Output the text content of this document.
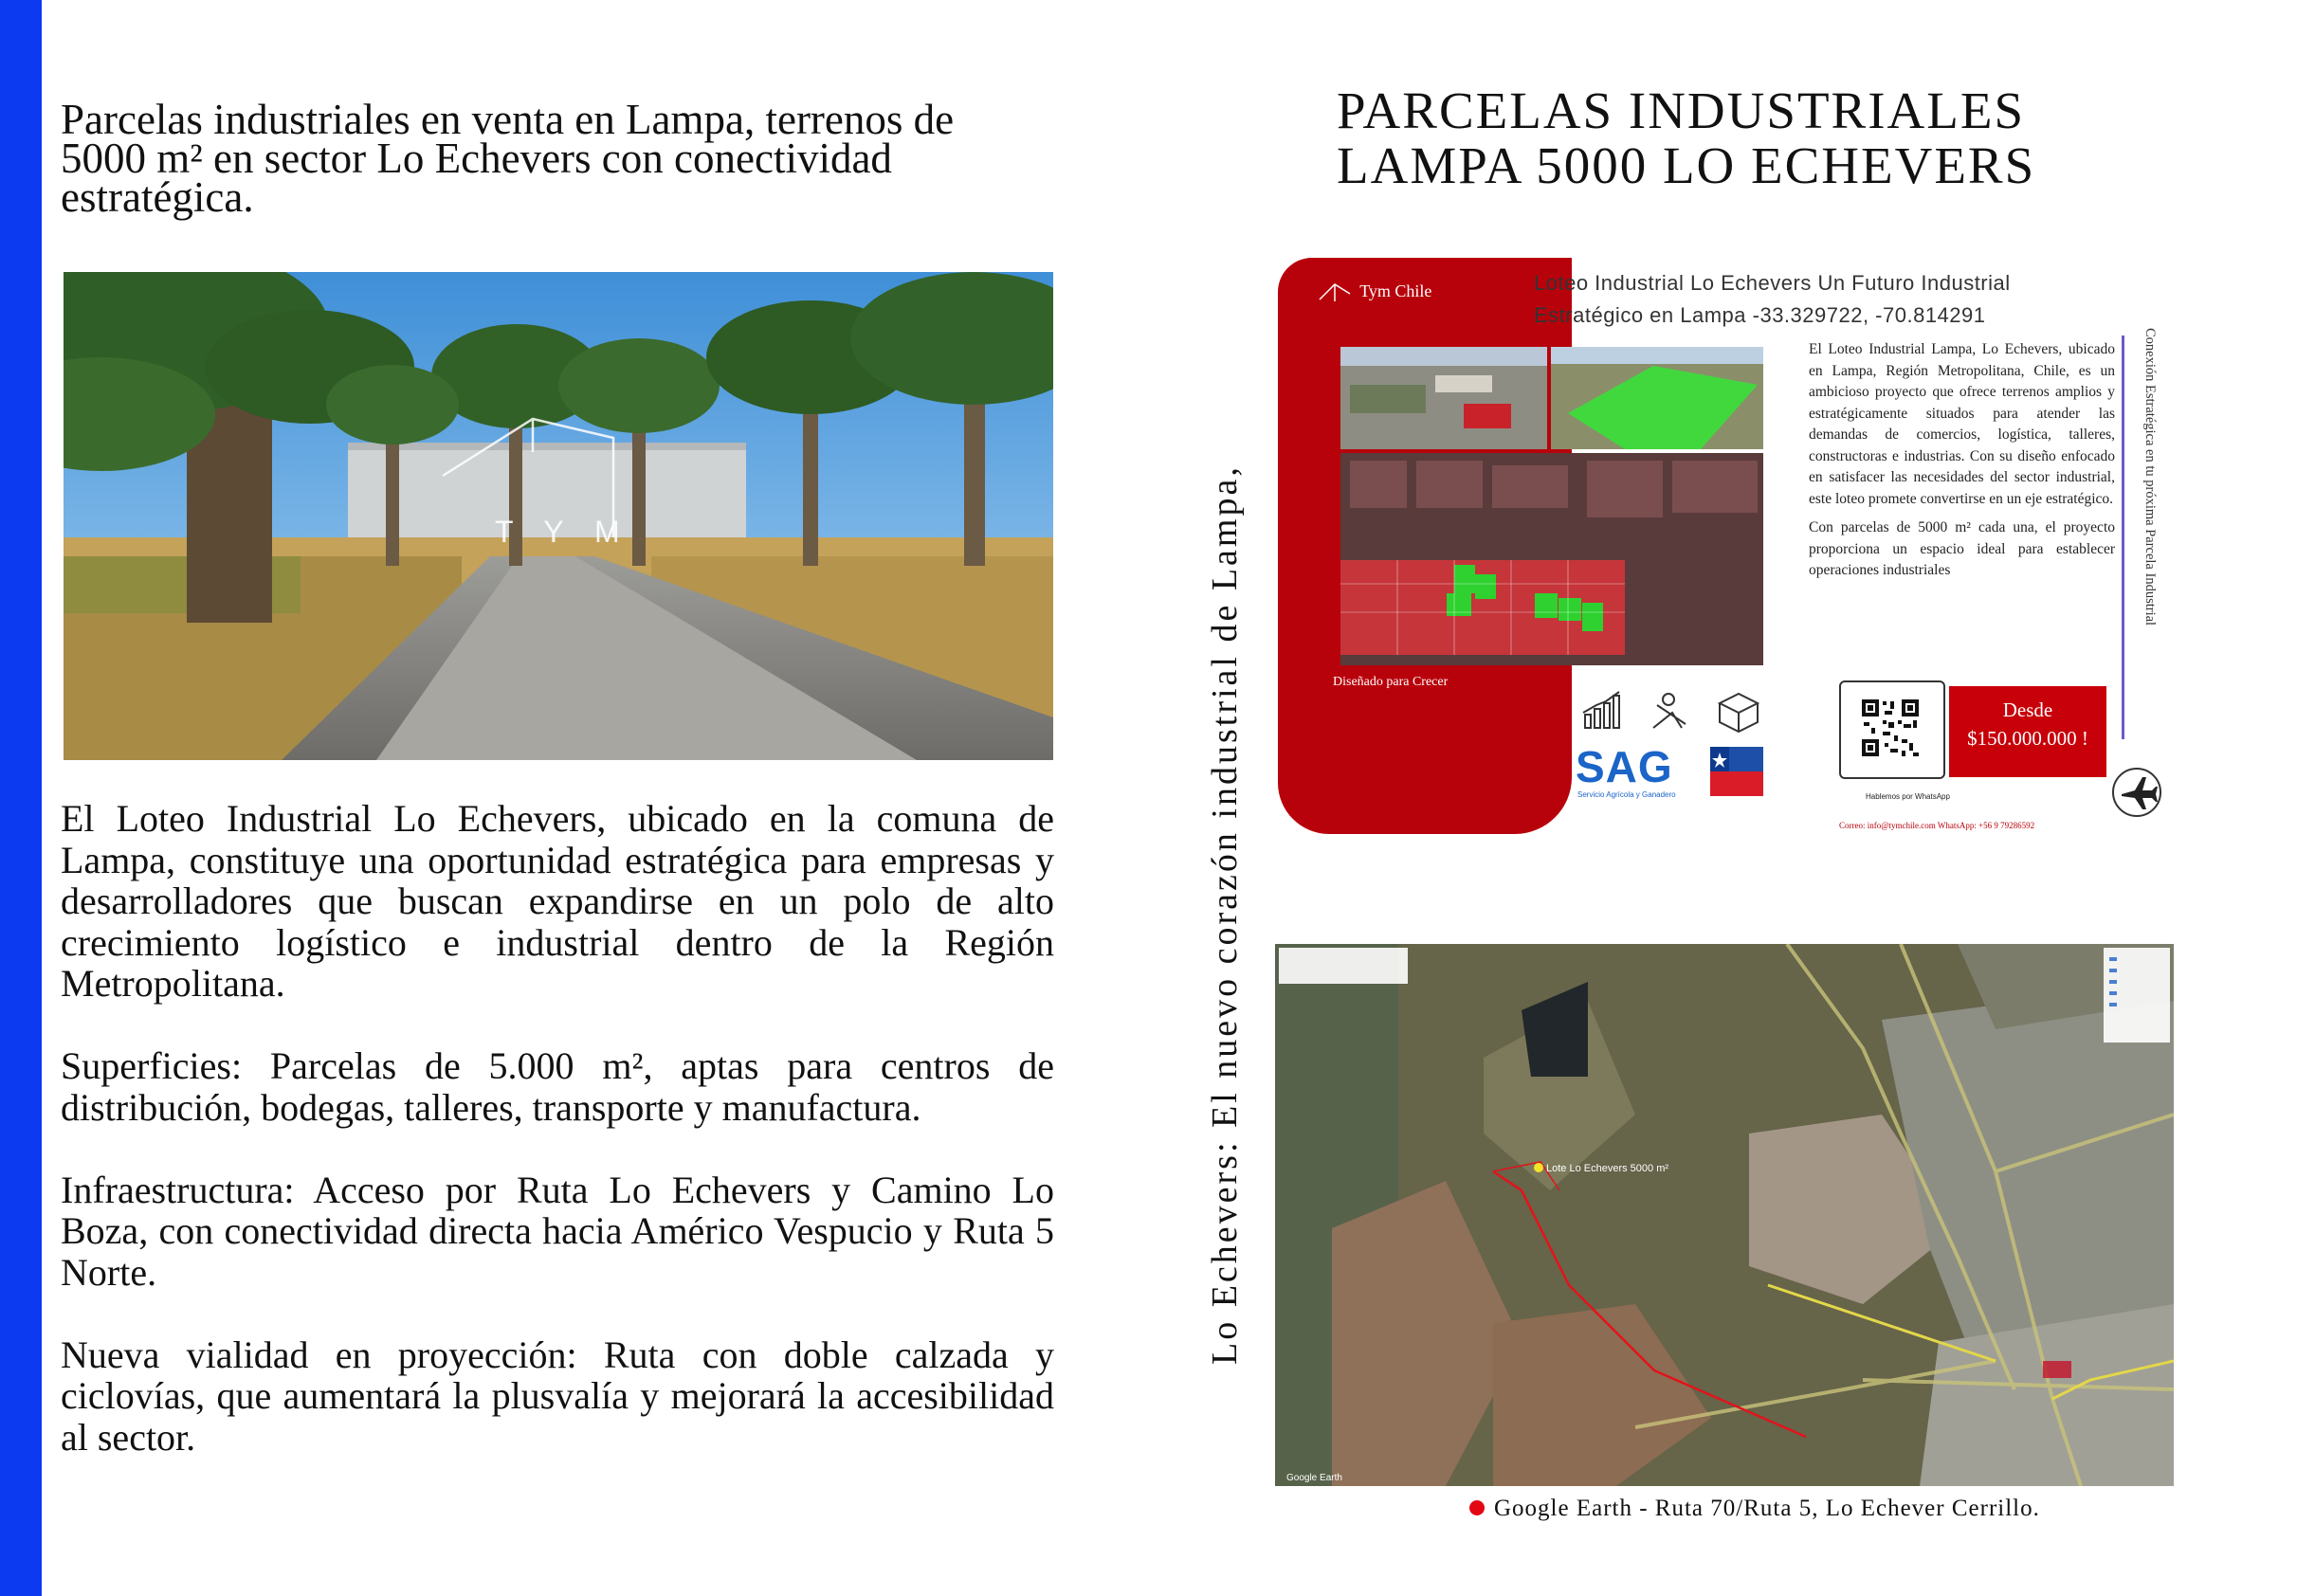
Parcelas industriales en venta en Lampa, terrenos de 5000 m² en sector Lo Echevers con conectividad estratégica.
T Y M

El Loteo Industrial Lo Echevers, ubicado en la comuna de Lampa, constituye una oportunidad estratégica para empresas y desarrolladores que buscan expandirse en un polo de alto crecimiento logístico e industrial dentro de la Región Metropolitana.

Superficies: Parcelas de 5.000 m², aptas para centros de distribución, bodegas, talleres, transporte y manufactura.

Infraestructura: Acceso por Ruta Lo Echevers y Camino Lo Boza, con conectividad directa hacia Américo Vespucio y Ruta 5 Norte.

Nueva vialidad en proyección: Ruta con doble calzada y ciclovías, que aumentará la plusvalía y mejorará la accesibilidad al sector.

PARCELAS INDUSTRIALES
LAMPA 5000 LO ECHEVERS
Lo Echevers: El nuevo corazón industrial de Lampa,
Tym Chile	Loteo Industrial Lo Echevers Un Futuro Industrial
Estratégico en Lampa -33.329722, -70.814291

El Loteo Industrial Lampa, Lo Echevers, ubicado en Lampa, Región Metropolitana, Chile, es un ambicioso proyecto que ofrece terrenos amplios y estratégicamente situados para atender las demandas de comercios, logística, talleres, constructoras e industrias. Con su diseño enfocado en satisfacer las necesidades del sector industrial, este loteo promete convertirse en un eje estratégico.

Con parcelas de 5000 m² cada una, el proyecto proporciona un espacio ideal para establecer operaciones industriales	Conexión Estratégica en tu próxima Parcela Industrial
Diseñado para Crecer
SAG
Servicio Agrícola y Ganadero	Hablemos por WhatsApp
Desde
$150.000.000 !
Correo: info@tymchile.com WhatsApp: +56 9 79286592
Lote Lo Echevers 5000 m²
Google Earth
Google Earth - Ruta 70/Ruta 5, Lo Echever Cerrillo.
